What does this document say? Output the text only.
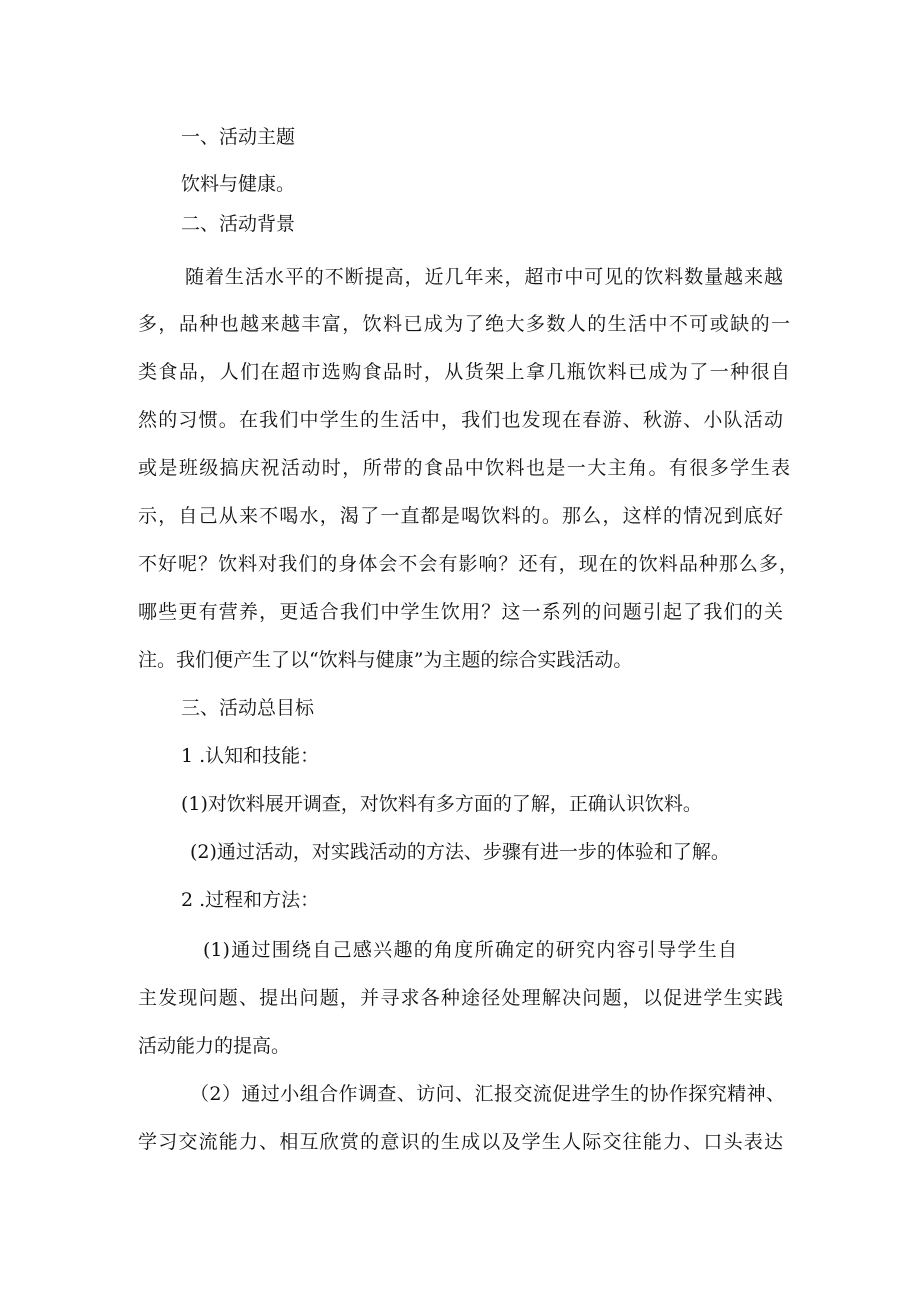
一、活动主题
饮料与健康。
二、活动背景
随着生活水平的不断提高，近几年来，超市中可见的饮料数量越来越
多，品种也越来越丰富，饮料已成为了绝大多数人的生活中不可或缺的一
类食品，人们在超市选购食品时，从货架上拿几瓶饮料已成为了一种很自
然的习惯。在我们中学生的生活中，我们也发现在春游、秋游、小队活动
或是班级搞庆祝活动时，所带的食品中饮料也是一大主角。有很多学生表
示，自己从来不喝水，渴了一直都是喝饮料的。那么，这样的情况到底好
不好呢？饮料对我们的身体会不会有影响？还有，现在的饮料品种那么多，
哪些更有营养，更适合我们中学生饮用？这一系列的问题引起了我们的关
注。我们便产生了以“饮料与健康”为主题的综合实践活动。
三、活动总目标
1 .认知和技能：
(1)对饮料展开调查，对饮料有多方面的了解，正确认识饮料。
(2)通过活动，对实践活动的方法、步骤有进一步的体验和了解。
2 .过程和方法：
(1)通过围绕自己感兴趣的角度所确定的研究内容引导学生自
主发现问题、提出问题，并寻求各种途径处理解决问题，以促进学生实践
活动能力的提高。
（2）通过小组合作调查、访问、汇报交流促进学生的协作探究精神、
学习交流能力、相互欣赏的意识的生成以及学生人际交往能力、口头表达
